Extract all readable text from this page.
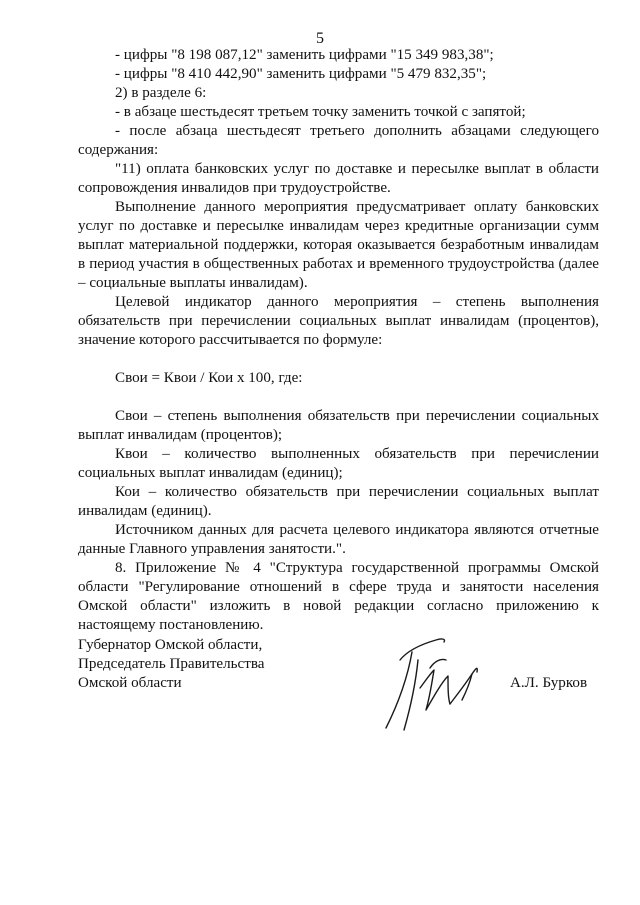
5

- цифры "8 198 087,12" заменить цифрами "15 349 983,38";

- цифры "8 410 442,90" заменить цифрами "5 479 832,35";

2) в разделе 6:

- в абзаце шестьдесят третьем точку заменить точкой с запятой;

- после абзаца шестьдесят третьего дополнить абзацами следующего содержания:

"11) оплата банковских услуг по доставке и пересылке выплат в области сопровождения инвалидов при трудоустройстве.

Выполнение данного мероприятия предусматривает оплату банковских услуг по доставке и пересылке инвалидам через кредитные организации сумм выплат материальной поддержки, которая оказывается безработным инвалидам в период участия в общественных работах и временного трудоустройства (далее – социальные выплаты инвалидам).

Целевой индикатор данного мероприятия – степень выполнения обязательств при перечислении социальных выплат инвалидам (процентов), значение которого рассчитывается по формуле:

Свои = Квои / Кои х 100, где:

Свои – степень выполнения обязательств при перечислении социальных выплат инвалидам (процентов);

Квои – количество выполненных обязательств при перечислении социальных выплат инвалидам (единиц);

Кои – количество обязательств при перечислении социальных выплат инвалидам (единиц).

Источником данных для расчета целевого индикатора являются отчетные данные Главного управления занятости.".

8. Приложение № 4 "Структура государственной программы Омской области "Регулирование отношений в сфере труда и занятости населения Омской области" изложить в новой редакции согласно приложению к настоящему постановлению.

Губернатор Омской области,
Председатель Правительства
Омской области	А.Л. Бурков
